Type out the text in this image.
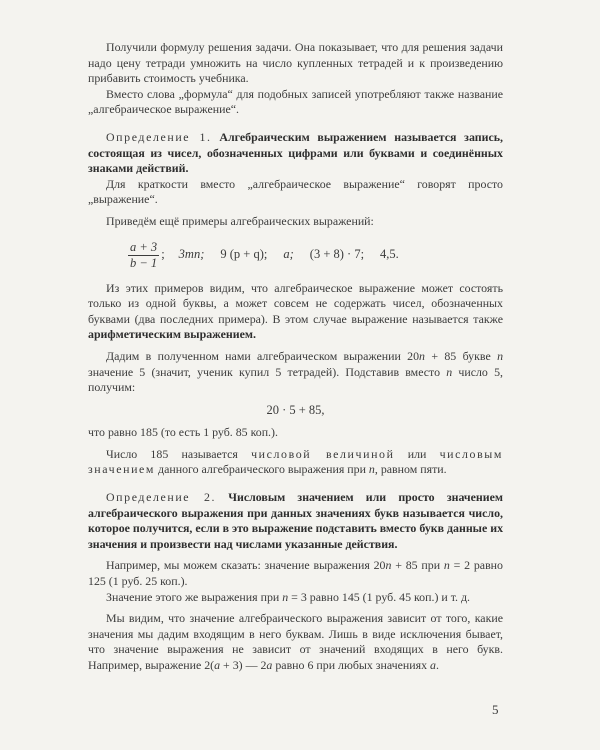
Получили формулу решения задачи. Она показывает, что для решения задачи надо цену тетради умножить на число купленных тетрадей и к произведению прибавить стоимость учебника.

Вместо слова „формула“ для подобных записей употребляют также название „алгебраическое выражение“.

Определение 1. Алгебраическим выражением называется запись, состоящая из чисел, обозначенных цифрами или буквами и соединённых знаками действий.

Для краткости вместо „алгебраическое выражение“ говорят просто „выражение“.

Приведём ещё примеры алгебраических выражений:

$\frac{a + 3}{b - 1}$ ; 3mn; 9 (p + q); a; (3 + 8) · 7; 4,5.

Из этих примеров видим, что алгебраическое выражение может состоять только из одной буквы, а может совсем не содержать чисел, обозначенных буквами (два последних примера). В этом случае выражение называется также арифметическим выражением.

Дадим в полученном нами алгебраическом выражении 20n + 85 букве n значение 5 (значит, ученик купил 5 тетрадей). Подставив вместо n число 5, получим:

20 · 5 + 85,

что равно 185 (то есть 1 руб. 85 коп.).

Число 185 называется числовой величиной или числовым значением данного алгебраического выражения при n, равном пяти.

Определение 2. Числовым значением или просто значением алгебраического выражения при данных значениях букв называется число, которое получится, если в это выражение подставить вместо букв данные их значения и произвести над числами указанные действия.

Например, мы можем сказать: значение выражения 20n + 85 при n = 2 равно 125 (1 руб. 25 коп.).

Значение этого же выражения при n = 3 равно 145 (1 руб. 45 коп.) и т. д.

Мы видим, что значение алгебраического выражения зависит от того, какие значения мы дадим входящим в него буквам. Лишь в виде исключения бывает, что значение выражения не зависит от значений входящих в него букв. Например, выражение 2(a + 3) — 2a равно 6 при любых значениях a.

5
